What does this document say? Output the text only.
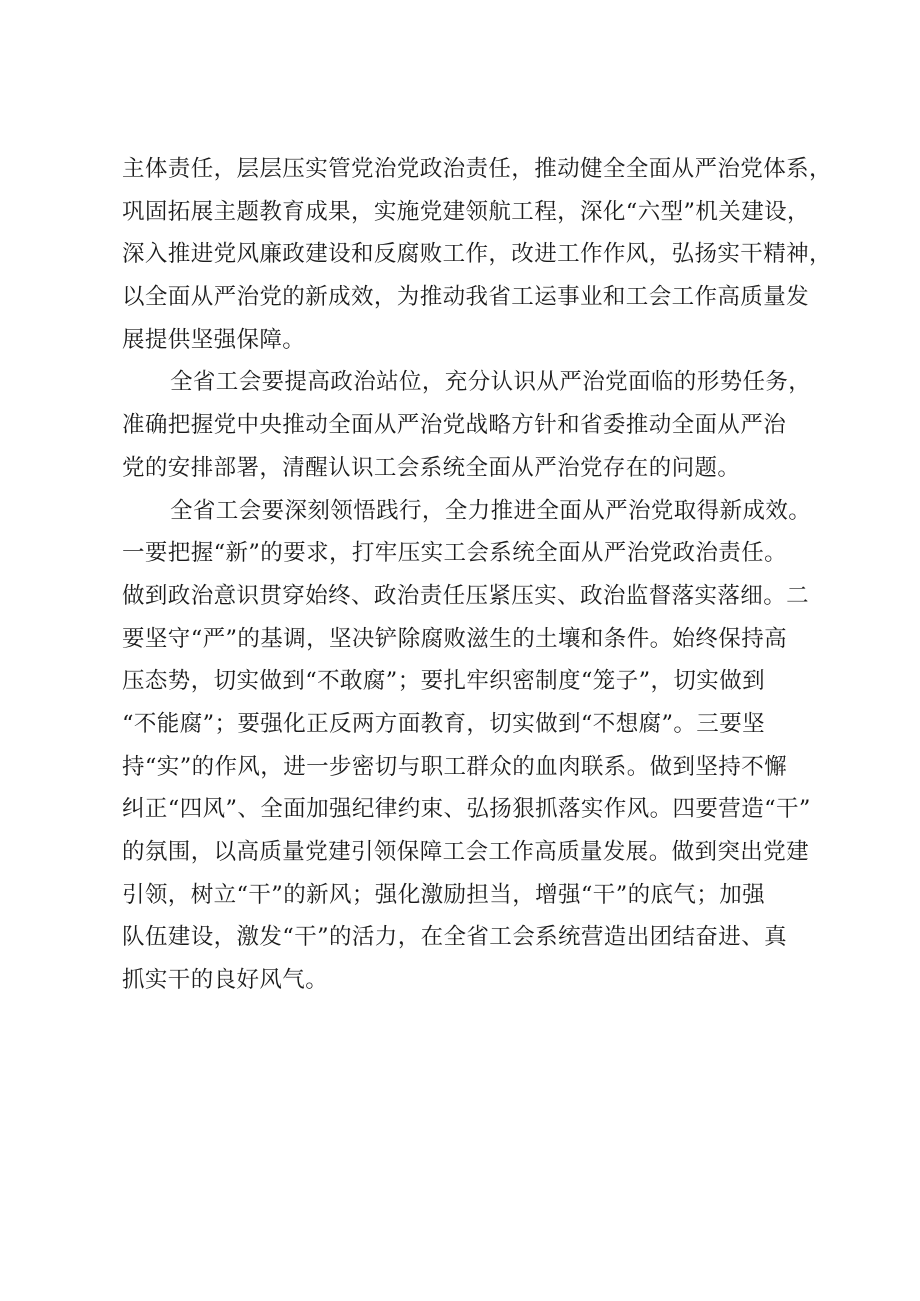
主体责任，层层压实管党治党政治责任，推动健全全面从严治党体系，
巩固拓展主题教育成果，实施党建领航工程，深化“六型”机关建设，
深入推进党风廉政建设和反腐败工作，改进工作作风，弘扬实干精神，
以全面从严治党的新成效，为推动我省工运事业和工会工作高质量发
展提供坚强保障。
全省工会要提高政治站位，充分认识从严治党面临的形势任务，
准确把握党中央推动全面从严治党战略方针和省委推动全面从严治
党的安排部署，清醒认识工会系统全面从严治党存在的问题。
全省工会要深刻领悟践行，全力推进全面从严治党取得新成效。
一要把握“新”的要求，打牢压实工会系统全面从严治党政治责任。
做到政治意识贯穿始终、政治责任压紧压实、政治监督落实落细。二
要坚守“严”的基调，坚决铲除腐败滋生的土壤和条件。始终保持高
压态势，切实做到“不敢腐”；要扎牢织密制度“笼子”，切实做到
“不能腐”；要强化正反两方面教育，切实做到“不想腐”。三要坚
持“实”的作风，进一步密切与职工群众的血肉联系。做到坚持不懈
纠正“四风”、全面加强纪律约束、弘扬狠抓落实作风。四要营造“干”
的氛围，以高质量党建引领保障工会工作高质量发展。做到突出党建
引领，树立“干”的新风；强化激励担当，增强“干”的底气；加强
队伍建设，激发“干”的活力，在全省工会系统营造出团结奋进、真
抓实干的良好风气。
